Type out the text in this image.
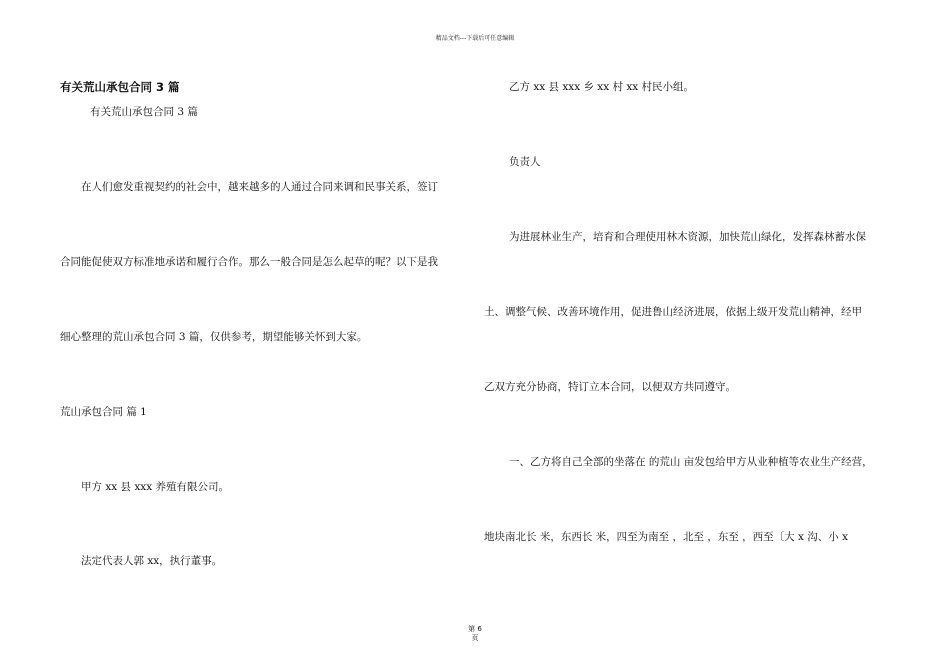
精品文档---下载后可任意编辑
有关荒山承包合同 3 篇
有关荒山承包合同 3 篇
在人们愈发重视契约的社会中，越来越多的人通过合同来调和民事关系，签订
合同能促使双方标准地承诺和履行合作。那么一般合同是怎么起草的呢？以下是我
细心整理的荒山承包合同 3 篇，仅供参考，期望能够关怀到大家。
荒山承包合同 篇 1
甲方 xx 县 xxx 养殖有限公司。
法定代表人郭 xx，执行董事。
乙方 xx 县 xxx 乡 xx 村 xx 村民小组。
负责人
为进展林业生产，培育和合理使用林木资源，加快荒山绿化，发挥森林蓄水保
土、调整气候、改善环境作用，促进鲁山经济进展，依据上级开发荒山精神，经甲
乙双方充分协商，特订立本合同，以便双方共同遵守。
一、乙方将自己全部的坐落在 的荒山 亩发包给甲方从业种植等农业生产经营，
地块南北长 米，东西长 米，四至为南至 ，北至 ，东至 ，西至〔大 x 沟、小 x
第 6
页
